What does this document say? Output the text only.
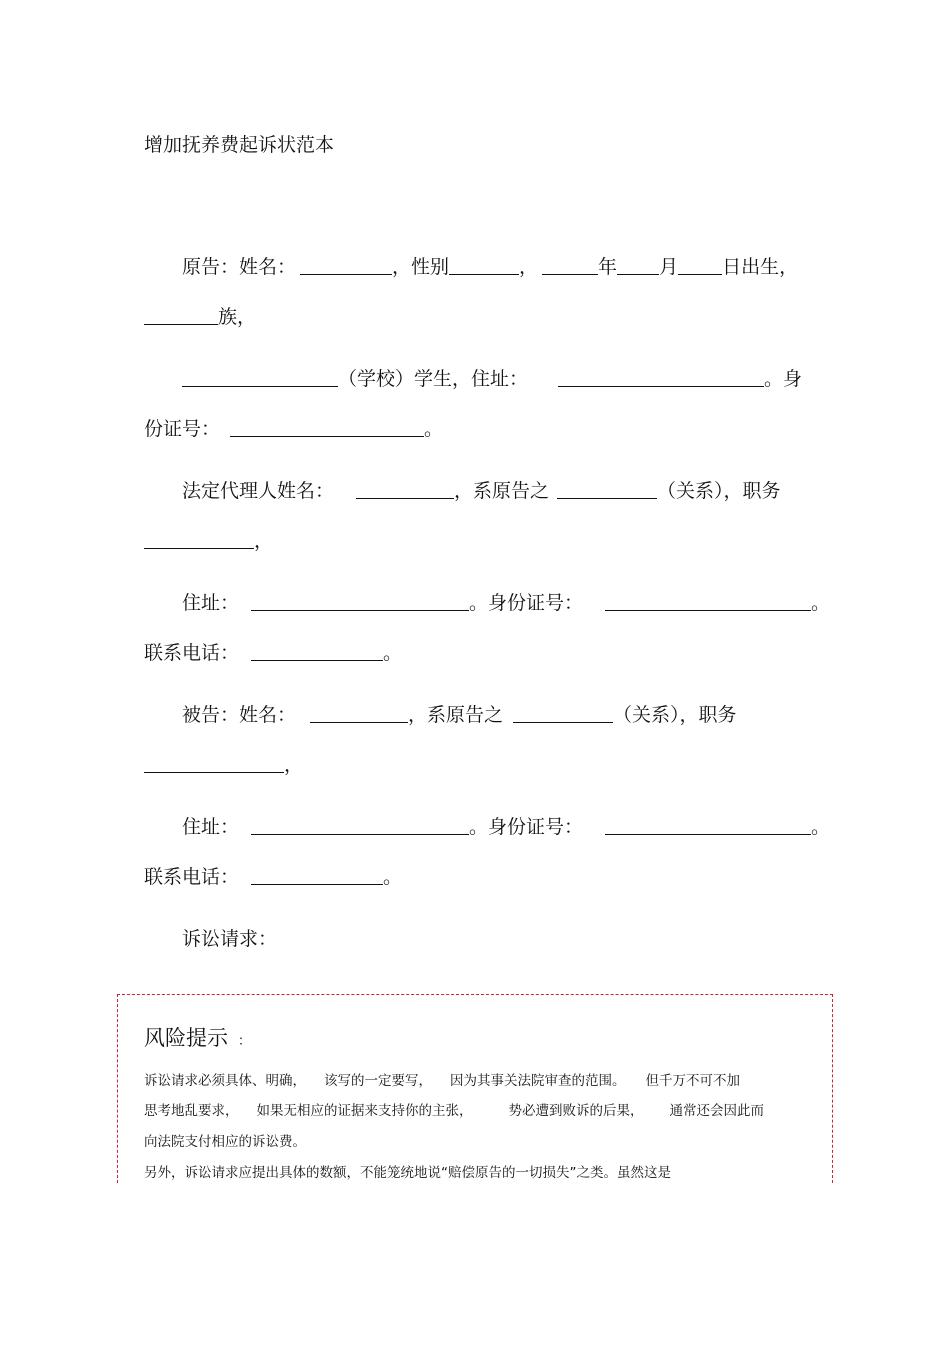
增加抚养费起诉状范本
原告：姓名：	，性别	，	年 月 日出生，
族，
（学校）学生，住址：	。身
份证号：	。
法定代理人姓名：	，系原告之	（关系），职务
，
住址：	。身份证号：	。
联系电话：	。
被告：姓名：	，系原告之	（关系），职务
，
住址：	。身份证号：	。
联系电话：	。
诉讼请求：
风险提示 ：
诉讼请求必须具体、明确， 该写的一定要写， 因为其事关法院审查的范围。 但千万不可不加
思考地乱要求， 如果无相应的证据来支持你的主张，	势必遭到败诉的后果， 通常还会因此而
向法院支付相应的诉讼费。
另外，诉讼请求应提出具体的数额，不能笼统地说“赔偿原告的一切损失”之类。虽然这是
